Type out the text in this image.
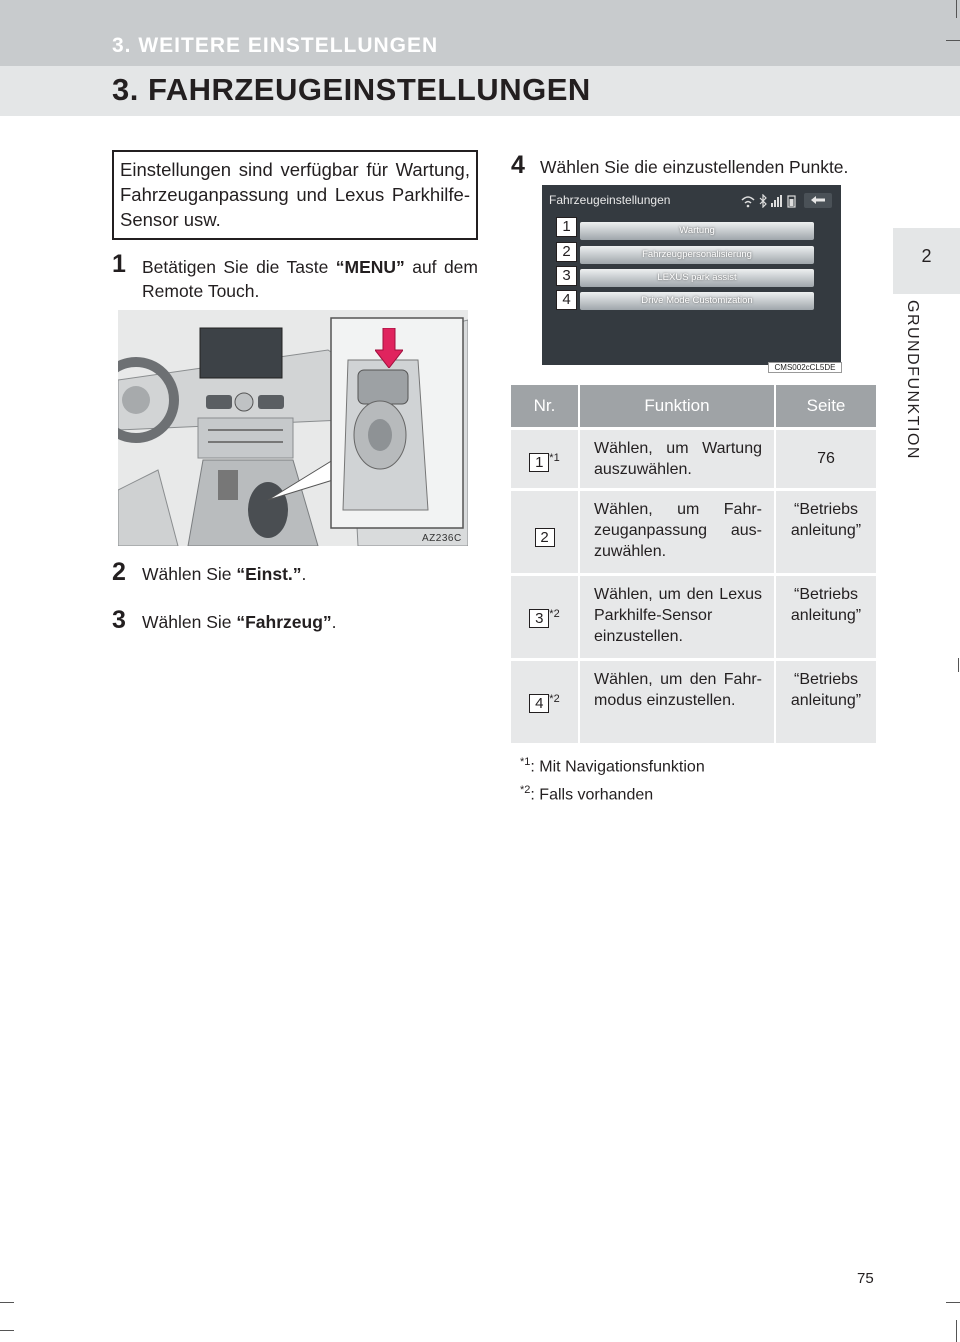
3. WEITERE EINSTELLUNGEN
3. FAHRZEUGEINSTELLUNGEN
2
GRUNDFUNKTION
Einstellungen sind verfügbar für Wartung, Fahrzeuganpassung und Lexus Parkhilfe-Sensor usw.
1 Betätigen Sie die Taste “MENU” auf dem Remote Touch.
AZ236C
2 Wählen Sie “Einst.”.
3 Wählen Sie “Fahrzeug”.
4 Wählen Sie die einzustellenden Punkte.
Fahrzeugeinstellungen
Wartung
Fahrzeugpersonalisierung
LEXUS park assist
Drive Mode Customization
1
2
3
4
CMS002cCL5DE
Nr.	Funktion	Seite
1 $^{*1}$	Wählen, um Wartung auszuwählen.	76
2	Wählen, um Fahrzeuganpassung auszuwählen.	“Betriebs anleitung”
3 $^{*2}$	Wählen, um den Lexus Parkhilfe-Sensor einzustellen.	“Betriebs anleitung”
4 $^{*2}$	Wählen, um den Fahrmodus einzustellen.	“Betriebs anleitung”
$^{*1}$: Mit Navigationsfunktion
$^{*2}$: Falls vorhanden
75
